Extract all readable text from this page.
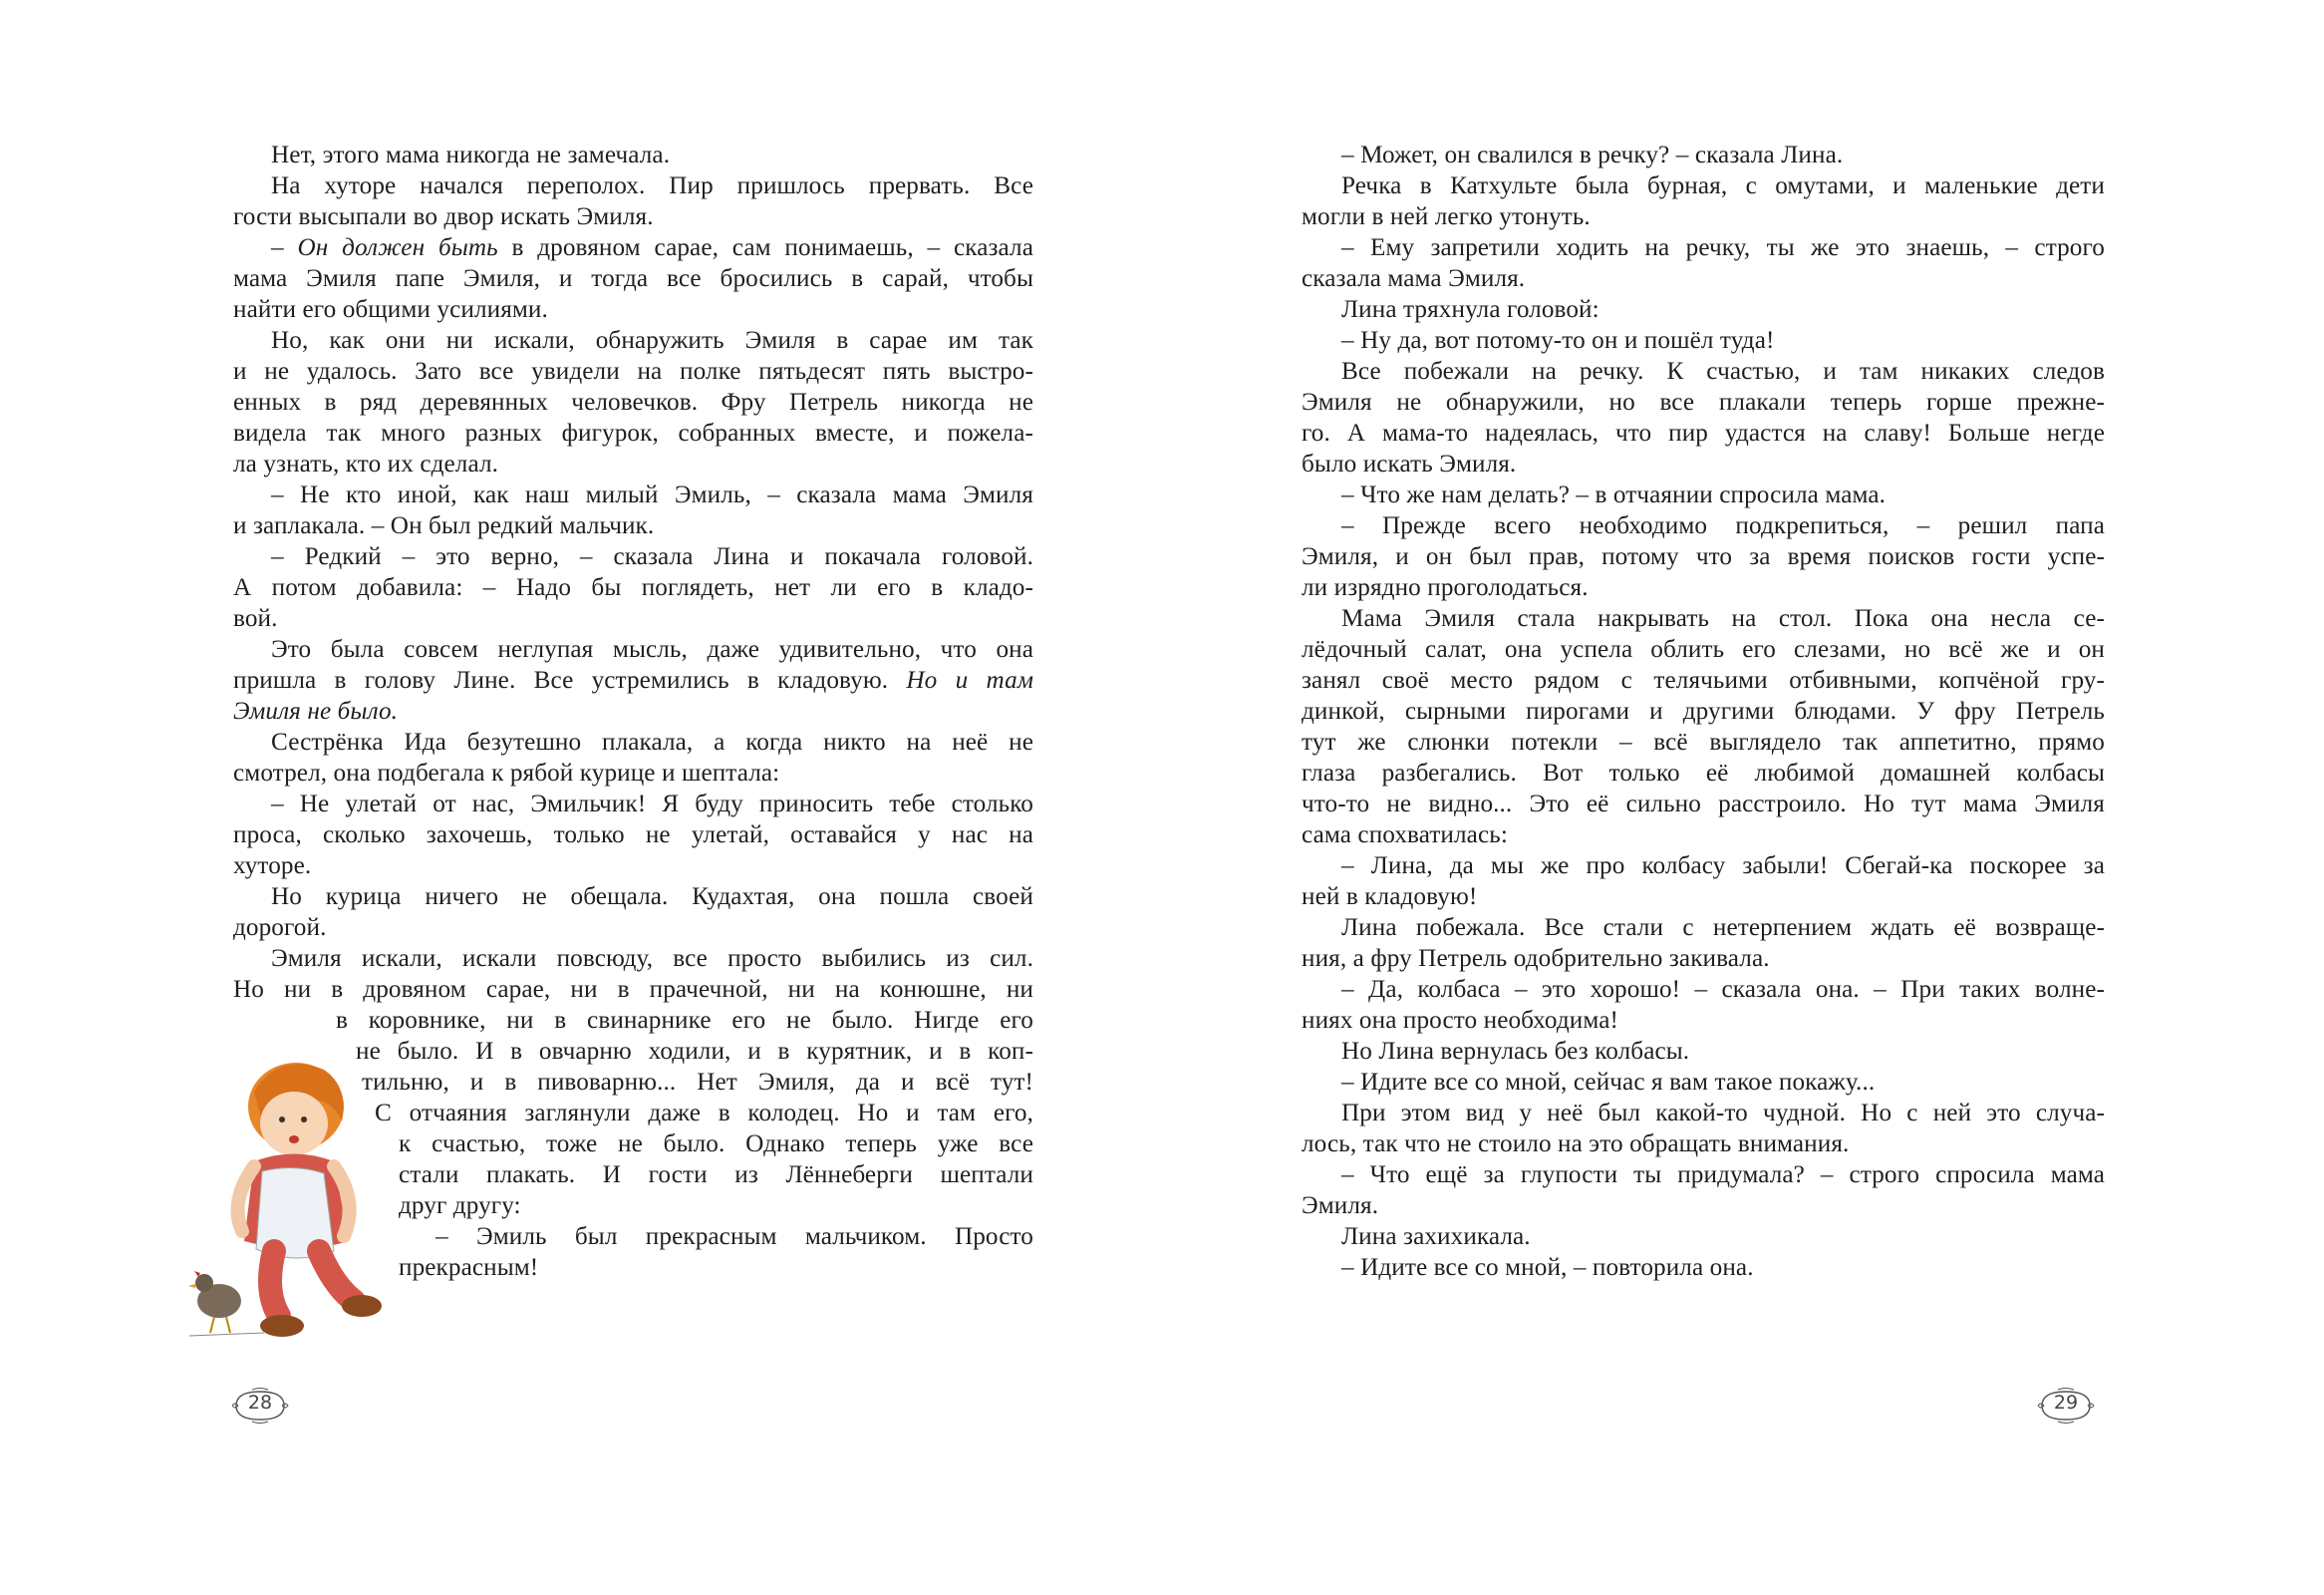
Нет, этого мама никогда не замечала.
На хуторе начался переполох. Пир пришлось прервать. Все
гости высыпали во двор искать Эмиля.
– Он должен быть в дровяном сарае, сам понимаешь, – сказала
мама Эмиля папе Эмиля, и тогда все бросились в сарай, чтобы
найти его общими усилиями.
Но, как они ни искали, обнаружить Эмиля в сарае им так
и не удалось. Зато все увидели на полке пятьдесят пять выстро-
енных в ряд деревянных человечков. Фру Петрель никогда не
видела так много разных фигурок, собранных вместе, и пожела-
ла узнать, кто их сделал.
– Не кто иной, как наш милый Эмиль, – сказала мама Эмиля
и заплакала. – Он был редкий мальчик.
– Редкий – это верно, – сказала Лина и покачала головой.
А потом добавила: – Надо бы поглядеть, нет ли его в кладо-
вой.
Это была совсем неглупая мысль, даже удивительно, что она
пришла в голову Лине. Все устремились в кладовую. Но и там
Эмиля не было.
Сестрёнка Ида безутешно плакала, а когда никто на неё не
смотрел, она подбегала к рябой курице и шептала:
– Не улетай от нас, Эмильчик! Я буду приносить тебе столько
проса, сколько захочешь, только не улетай, оставайся у нас на
хуторе.
Но курица ничего не обещала. Кудахтая, она пошла своей
дорогой.
Эмиля искали, искали повсюду, все просто выбились из сил.
Но ни в дровяном сарае, ни в прачечной, ни на конюшне, ни
в коровнике, ни в свинарнике его не было. Нигде его
не было. И в овчарню ходили, и в курятник, и в коп-
тильню, и в пивоварню... Нет Эмиля, да и всё тут!
С отчаяния заглянули даже в колодец. Но и там его,
к счастью, тоже не было. Однако теперь уже все
стали плакать. И гости из Лённеберги шептали
друг другу:
– Эмиль был прекрасным мальчиком. Просто
прекрасным!
28
– Может, он свалился в речку? – сказала Лина.
Речка в Катхульте была бурная, с омутами, и маленькие дети
могли в ней легко утонуть.
– Ему запретили ходить на речку, ты же это знаешь, – строго
сказала мама Эмиля.
Лина тряхнула головой:
– Ну да, вот потому-то он и пошёл туда!
Все побежали на речку. К счастью, и там никаких следов
Эмиля не обнаружили, но все плакали теперь горше прежне-
го. А мама-то надеялась, что пир удастся на славу! Больше негде
было искать Эмиля.
– Что же нам делать? – в отчаянии спросила мама.
– Прежде всего необходимо подкрепиться, – решил папа
Эмиля, и он был прав, потому что за время поисков гости успе-
ли изрядно проголодаться.
Мама Эмиля стала накрывать на стол. Пока она несла се-
лёдочный салат, она успела облить его слезами, но всё же и он
занял своё место рядом с телячьими отбивными, копчёной гру-
динкой, сырными пирогами и другими блюдами. У фру Петрель
тут же слюнки потекли – всё выглядело так аппетитно, прямо
глаза разбегались. Вот только её любимой домашней колбасы
что-то не видно... Это её сильно расстроило. Но тут мама Эмиля
сама спохватилась:
– Лина, да мы же про колбасу забыли! Сбегай-ка поскорее за
ней в кладовую!
Лина побежала. Все стали с нетерпением ждать её возвраще-
ния, а фру Петрель одобрительно закивала.
– Да, колбаса – это хорошо! – сказала она. – При таких волне-
ниях она просто необходима!
Но Лина вернулась без колбасы.
– Идите все со мной, сейчас я вам такое покажу...
При этом вид у неё был какой-то чудной. Но с ней это случа-
лось, так что не стоило на это обращать внимания.
– Что ещё за глупости ты придумала? – строго спросила мама
Эмиля.
Лина захихикала.
– Идите все со мной, – повторила она.
29
